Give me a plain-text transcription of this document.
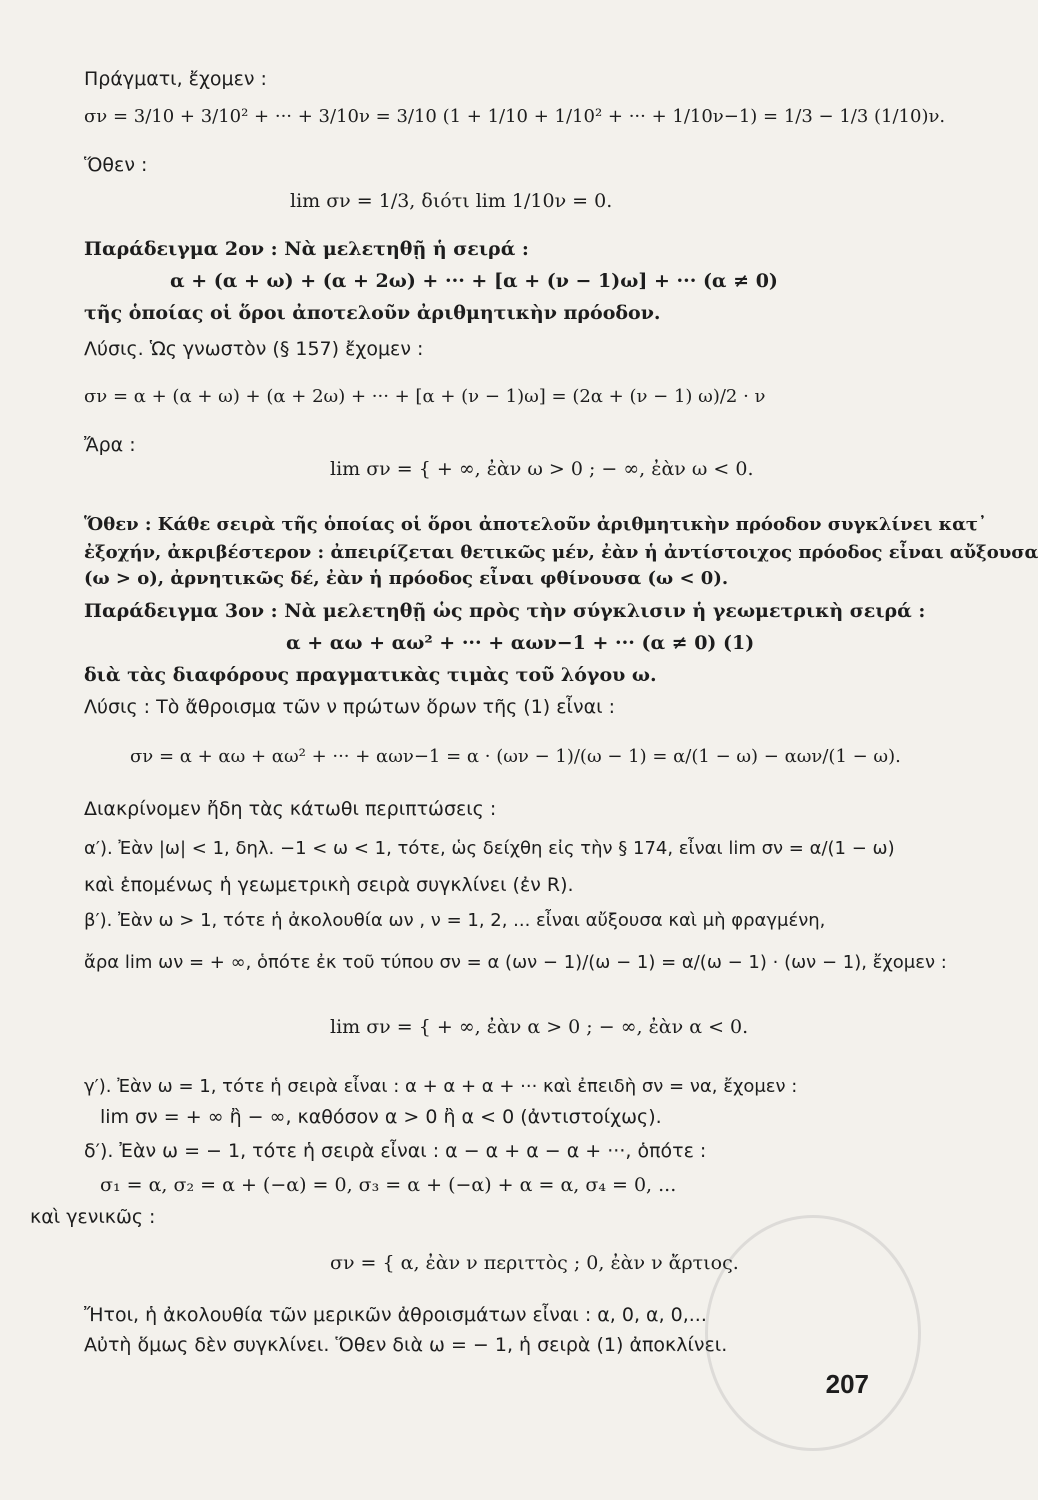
Πράγματι, ἔχομεν :
σν = 3/10 + 3/10² + ··· + 3/10ν = 3/10 (1 + 1/10 + 1/10² + ··· + 1/10ν−1) = 1/3 − 1/3 (1/10)ν.
Ὅθεν :
lim σν = 1/3, διότι lim 1/10ν = 0.
Παράδειγμα 2ον : Νὰ μελετηθῇ ἡ σειρά :
α + (α + ω) + (α + 2ω) + ··· + [α + (ν − 1)ω] + ··· (α ≠ 0)
τῆς ὁποίας οἱ ὅροι ἀποτελοῦν ἀριθμητικὴν πρόοδον.
Λύσις. Ὡς γνωστὸν (§ 157) ἔχομεν :
σν = α + (α + ω) + (α + 2ω) + ··· + [α + (ν − 1)ω] = (2α + (ν − 1) ω)/2 · ν
Ἄρα :
lim σν = { + ∞, ἐὰν ω > 0 ; − ∞, ἐὰν ω < 0.
Ὅθεν : Κάθε σειρὰ τῆς ὁποίας οἱ ὅροι ἀποτελοῦν ἀριθμητικὴν πρόοδον συγκλίνει κατ᾽
ἐξοχήν, ἀκριβέστερον : ἀπειρίζεται θετικῶς μέν, ἐὰν ἡ ἀντίστοιχος πρόοδος εἶναι αὔξουσα
(ω > ο), ἀρνητικῶς δέ, ἐὰν ἡ πρόοδος εἶναι φθίνουσα (ω < 0).
Παράδειγμα 3ον : Νὰ μελετηθῇ ὡς πρὸς τὴν σύγκλισιν ἡ γεωμετρικὴ σειρά :
α + αω + αω² + ··· + αων−1 + ··· (α ≠ 0) (1)
διὰ τὰς διαφόρους πραγματικὰς τιμὰς τοῦ λόγου ω.
Λύσις : Τὸ ἄθροισμα τῶν ν πρώτων ὅρων τῆς (1) εἶναι :
σν = α + αω + αω² + ··· + αων−1 = α · (ων − 1)/(ω − 1) = α/(1 − ω) − αων/(1 − ω).
Διακρίνομεν ἤδη τὰς κάτωθι περιπτώσεις :
α′). Ἐὰν |ω| < 1, δηλ. −1 < ω < 1, τότε, ὡς δείχθη εἰς τὴν § 174, εἶναι lim σν = α/(1 − ω)
καὶ ἑπομένως ἡ γεωμετρικὴ σειρὰ συγκλίνει (ἐν R).
β′). Ἐὰν ω > 1, τότε ἡ ἀκολουθία ων , ν = 1, 2, ... εἶναι αὔξουσα καὶ μὴ φραγμένη,
ἄρα lim ων = + ∞, ὁπότε ἐκ τοῦ τύπου σν = α (ων − 1)/(ω − 1) = α/(ω − 1) · (ων − 1), ἔχομεν :
lim σν = { + ∞, ἐὰν α > 0 ; − ∞, ἐὰν α < 0.
γ′). Ἐὰν ω = 1, τότε ἡ σειρὰ εἶναι : α + α + α + ··· καὶ ἐπειδὴ σν = να, ἔχομεν :
lim σν = + ∞ ἢ − ∞, καθόσον α > 0 ἢ α < 0 (ἀντιστοίχως).
δ′). Ἐὰν ω = − 1, τότε ἡ σειρὰ εἶναι : α − α + α − α + ···, ὁπότε :
σ₁ = α, σ₂ = α + (−α) = 0, σ₃ = α + (−α) + α = α, σ₄ = 0, ...
καὶ γενικῶς :
σν = { α, ἐὰν ν περιττὸς ; 0, ἐὰν ν ἄρτιος.
Ἤτοι, ἡ ἀκολουθία τῶν μερικῶν ἀθροισμάτων εἶναι : α, 0, α, 0,...
Αὐτὴ ὅμως δὲν συγκλίνει. Ὅθεν διὰ ω = − 1, ἡ σειρὰ (1) ἀποκλίνει.
207
